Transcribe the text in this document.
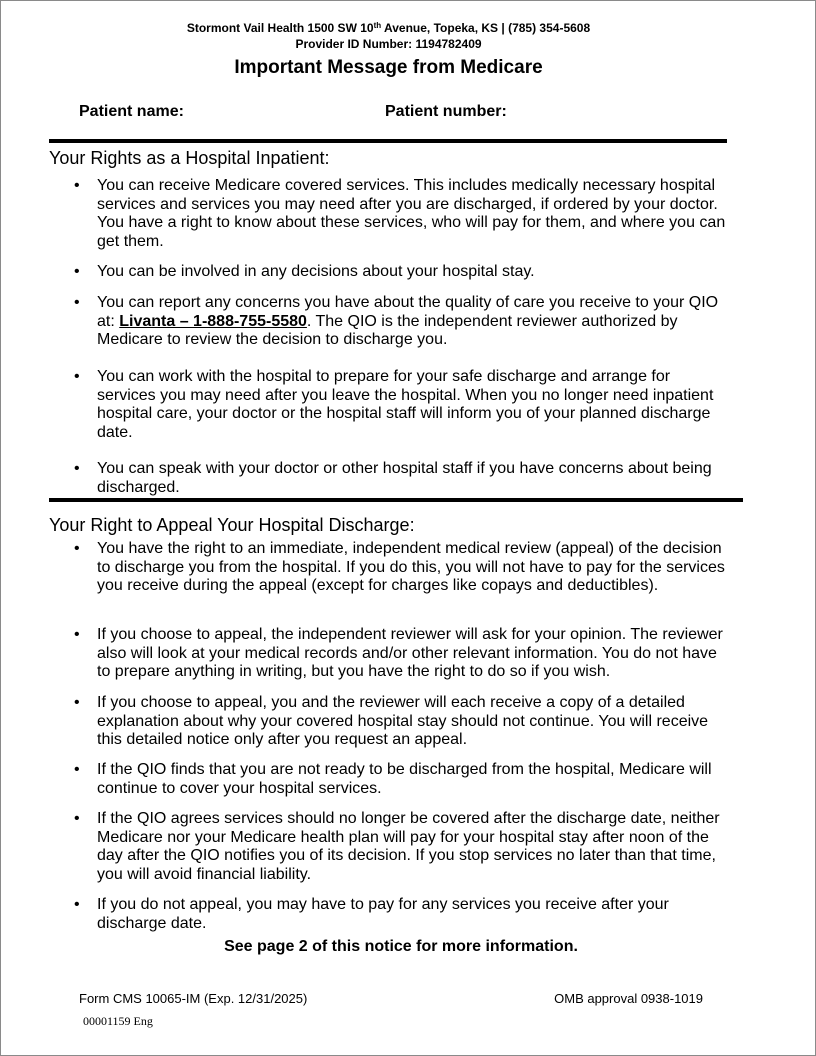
Stormont Vail Health 1500 SW 10th Avenue, Topeka, KS | (785) 354-5608
Provider ID Number: 1194782409
Important Message from Medicare
Patient name:	Patient number:
Your Rights as a Hospital Inpatient:
• You can receive Medicare covered services. This includes medically necessary hospital services and services you may need after you are discharged, if ordered by your doctor. You have a right to know about these services, who will pay for them, and where you can get them.
• You can be involved in any decisions about your hospital stay.
• You can report any concerns you have about the quality of care you receive to your QIO at: Livanta – 1-888-755-5580. The QIO is the independent reviewer authorized by Medicare to review the decision to discharge you.
• You can work with the hospital to prepare for your safe discharge and arrange for services you may need after you leave the hospital. When you no longer need inpatient hospital care, your doctor or the hospital staff will inform you of your planned discharge date.
• You can speak with your doctor or other hospital staff if you have concerns about being discharged.
Your Right to Appeal Your Hospital Discharge:
• You have the right to an immediate, independent medical review (appeal) of the decision to discharge you from the hospital. If you do this, you will not have to pay for the services you receive during the appeal (except for charges like copays and deductibles).
• If you choose to appeal, the independent reviewer will ask for your opinion. The reviewer also will look at your medical records and/or other relevant information. You do not have to prepare anything in writing, but you have the right to do so if you wish.
• If you choose to appeal, you and the reviewer will each receive a copy of a detailed explanation about why your covered hospital stay should not continue. You will receive this detailed notice only after you request an appeal.
• If the QIO finds that you are not ready to be discharged from the hospital, Medicare will continue to cover your hospital services.
• If the QIO agrees services should no longer be covered after the discharge date, neither Medicare nor your Medicare health plan will pay for your hospital stay after noon of the day after the QIO notifies you of its decision. If you stop services no later than that time, you will avoid financial liability.
• If you do not appeal, you may have to pay for any services you receive after your discharge date.
See page 2 of this notice for more information.
Form CMS 10065-IM (Exp. 12/31/2025)	OMB approval 0938-1019
00001159 Eng
